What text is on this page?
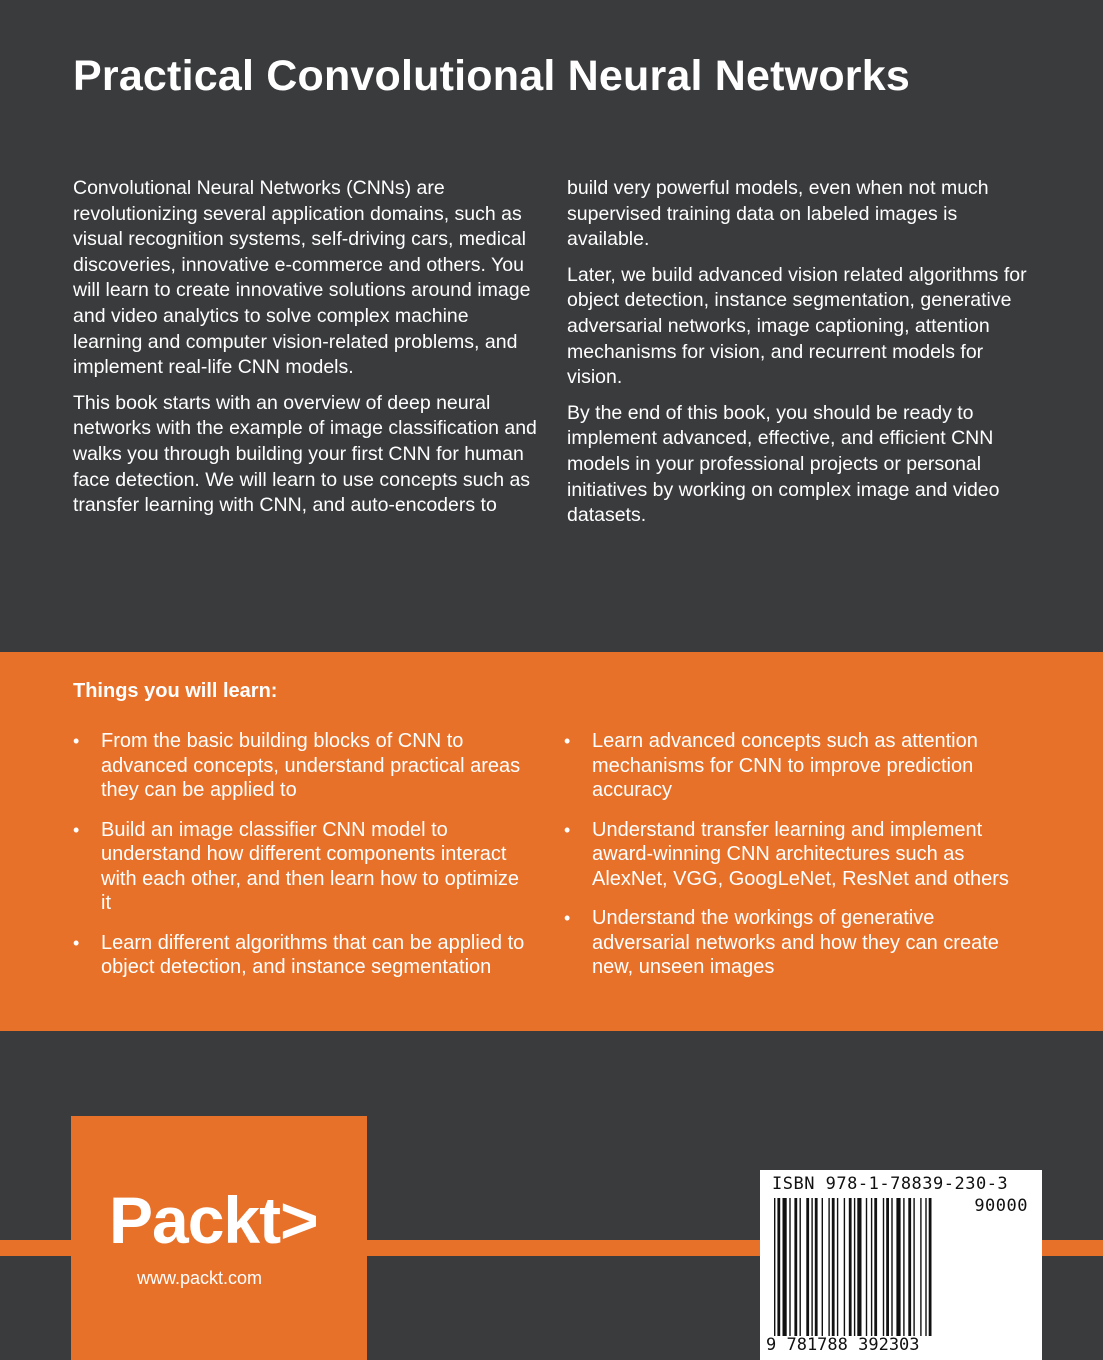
Practical Convolutional Neural Networks

Convolutional Neural Networks (CNNs) are revolutionizing several application domains, such as visual recognition systems, self-driving cars, medical discoveries, innovative e-commerce and others. You will learn to create innovative solutions around image and video analytics to solve complex machine learning and computer vision-related problems, and implement real-life CNN models.

This book starts with an overview of deep neural networks with the example of image classification and walks you through building your first CNN for human face detection. We will learn to use concepts such as transfer learning with CNN, and auto-encoders to

build very powerful models, even when not much supervised training data on labeled images is available.

Later, we build advanced vision related algorithms for object detection, instance segmentation, generative adversarial networks, image captioning, attention mechanisms for vision, and recurrent models for vision.

By the end of this book, you should be ready to implement advanced, effective, and efficient CNN models in your professional projects or personal initiatives by working on complex image and video datasets.

Things you will learn:
• From the basic building blocks of CNN to advanced concepts, understand practical areas they can be applied to
• Build an image classifier CNN model to understand how different components interact with each other, and then learn how to optimize it
• Learn different algorithms that can be applied to object detection, and instance segmentation
• Learn advanced concepts such as attention mechanisms for CNN to improve prediction accuracy
• Understand transfer learning and implement award-winning CNN architectures such as AlexNet, VGG, GoogLeNet, ResNet and others
• Understand the workings of generative adversarial networks and how they can create new, unseen images
Packt>
www.packt.com
ISBN 978-1-78839-230-3
90000
9 781788 392303
